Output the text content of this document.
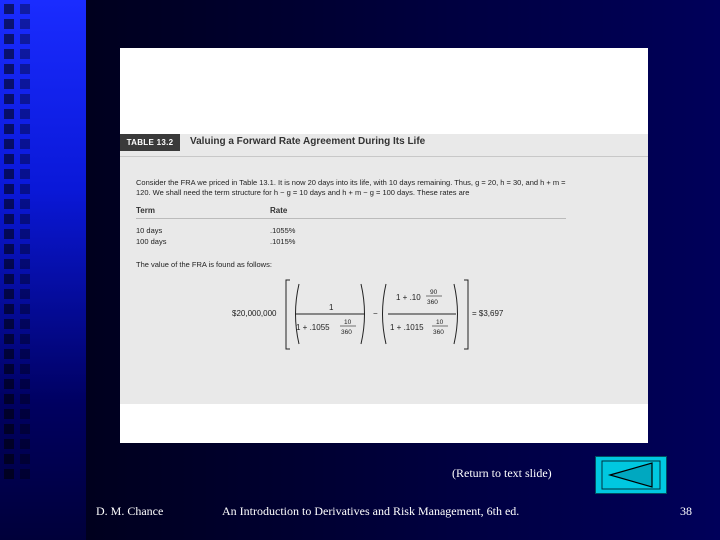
TABLE 13.2	Valuing a Forward Rate Agreement During Its Life
Consider the FRA we priced in Table 13.1. It is now 20 days into its life, with 10 days remaining. Thus, g = 20, h = 30, and h + m = 120. We shall need the term structure for h − g = 10 days and h + m − g = 100 days. These rates are
Term	Rate
10 days	.1055%
100 days	.1015%
The value of the FRA is found as follows:
$20,000,000
1
1 + .1055
10
360
−
1 + .10
90
360
1 + .1015
10
360
= $3,697
(Return to text slide)
D. M. Chance	An Introduction to Derivatives and Risk Management, 6th ed.	38
